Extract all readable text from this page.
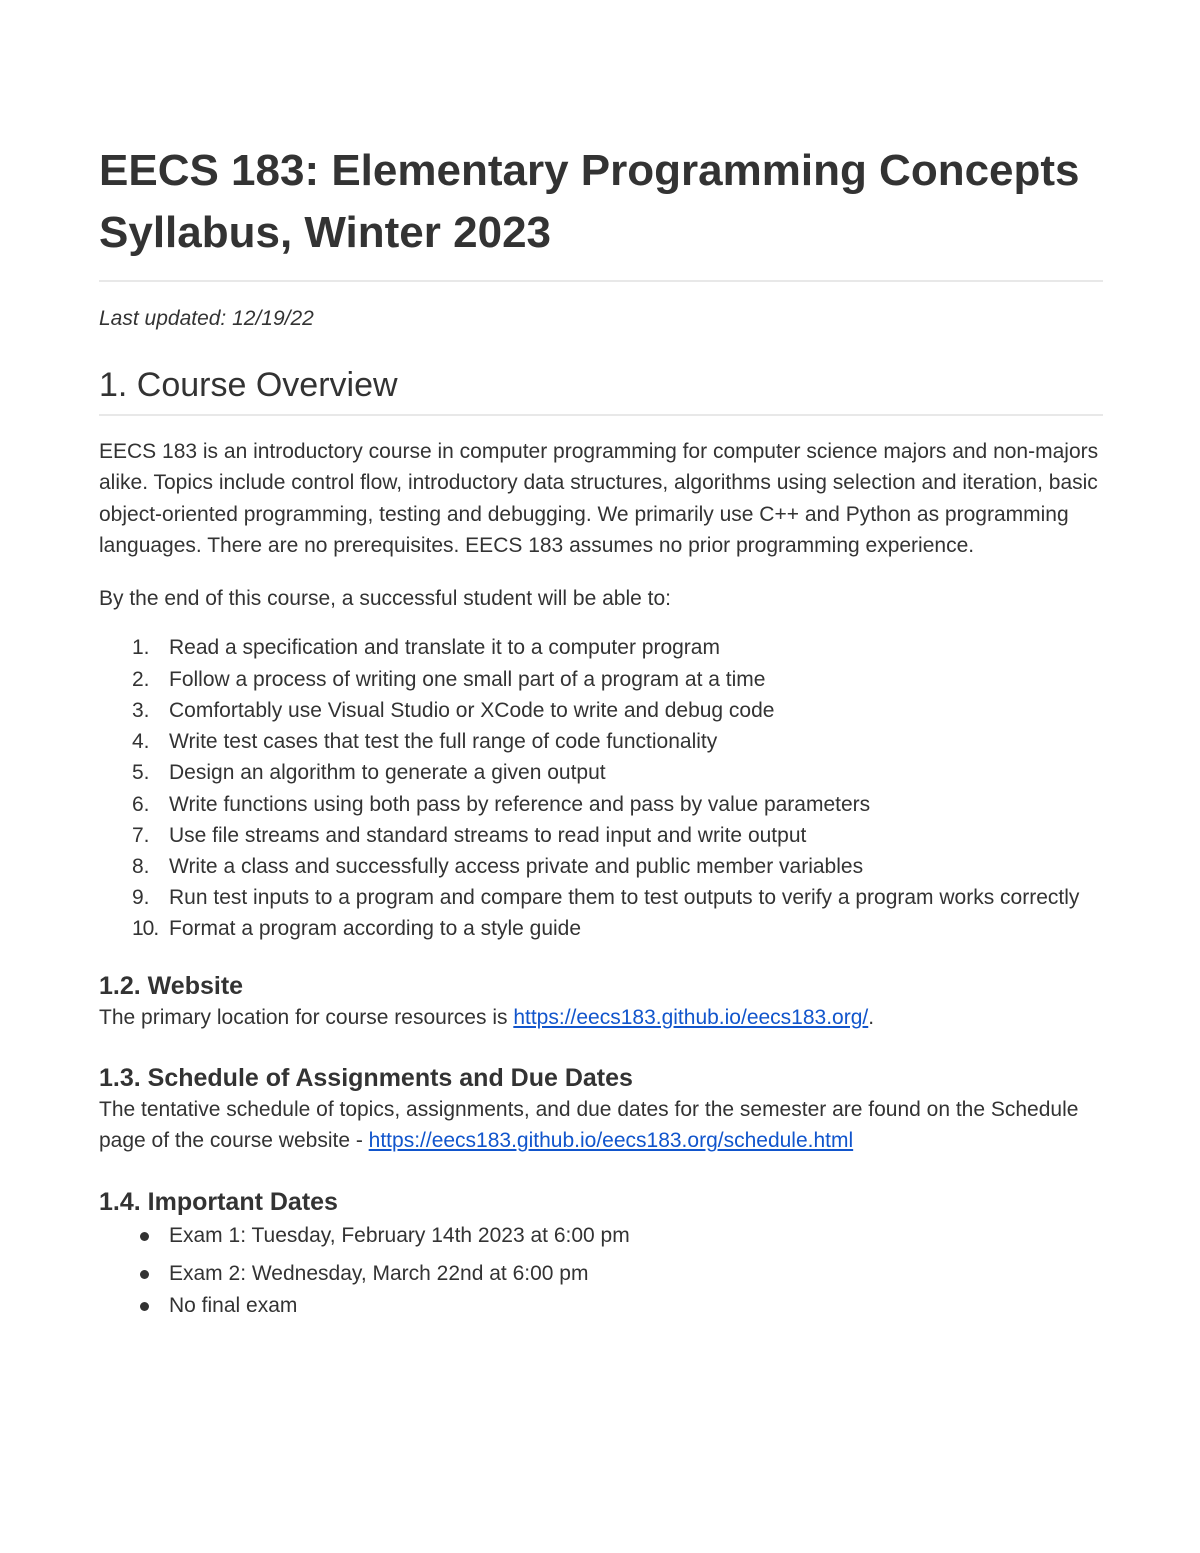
EECS 183: Elementary Programming Concepts
Syllabus, Winter 2023
Last updated: 12/19/22
1. Course Overview

EECS 183 is an introductory course in computer programming for computer science majors and non-majors alike. Topics include control flow, introductory data structures, algorithms using selection and iteration, basic object-oriented programming, testing and debugging. We primarily use C++ and Python as programming languages. There are no prerequisites. EECS 183 assumes no prior programming experience.

By the end of this course, a successful student will be able to:

1. Read a specification and translate it to a computer program
2. Follow a process of writing one small part of a program at a time
3. Comfortably use Visual Studio or XCode to write and debug code
4. Write test cases that test the full range of code functionality
5. Design an algorithm to generate a given output
6. Write functions using both pass by reference and pass by value parameters
7. Use file streams and standard streams to read input and write output
8. Write a class and successfully access private and public member variables
9. Run test inputs to a program and compare them to test outputs to verify a program works correctly
10. Format a program according to a style guide
1.2. Website

The primary location for course resources is https://eecs183.github.io/eecs183.org/.

1.3. Schedule of Assignments and Due Dates

The tentative schedule of topics, assignments, and due dates for the semester are found on the Schedule page of the course website - https://eecs183.github.io/eecs183.org/schedule.html

1.4. Important Dates
Exam 1: Tuesday, February 14th 2023 at 6:00 pm
Exam 2: Wednesday, March 22nd at 6:00 pm
No final exam
